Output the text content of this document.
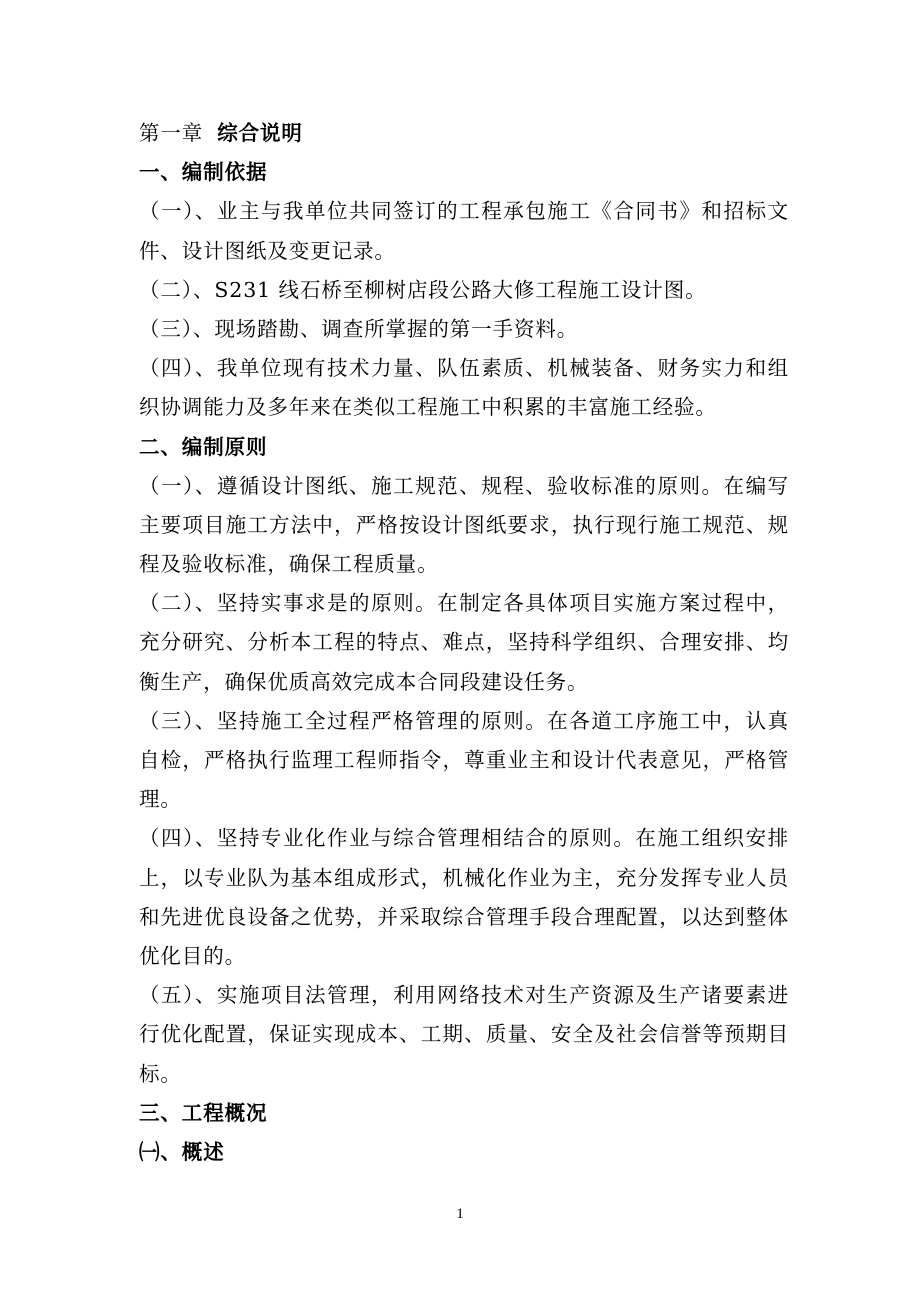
第一章 综合说明
一、编制依据
（一）、业主与我单位共同签订的工程承包施工《合同书》和招标文
件、设计图纸及变更记录。
（二）、S231 线石桥至柳树店段公路大修工程施工设计图。
（三）、现场踏勘、调查所掌握的第一手资料。
（四）、我单位现有技术力量、队伍素质、机械装备、财务实力和组
织协调能力及多年来在类似工程施工中积累的丰富施工经验。
二、编制原则
（一）、遵循设计图纸、施工规范、规程、验收标准的原则。在编写
主要项目施工方法中，严格按设计图纸要求，执行现行施工规范、规
程及验收标准，确保工程质量。
（二）、坚持实事求是的原则。在制定各具体项目实施方案过程中，
充分研究、分析本工程的特点、难点，坚持科学组织、合理安排、均
衡生产，确保优质高效完成本合同段建设任务。
（三）、坚持施工全过程严格管理的原则。在各道工序施工中，认真
自检，严格执行监理工程师指令，尊重业主和设计代表意见，严格管
理。
（四）、坚持专业化作业与综合管理相结合的原则。在施工组织安排
上，以专业队为基本组成形式，机械化作业为主，充分发挥专业人员
和先进优良设备之优势，并采取综合管理手段合理配置，以达到整体
优化目的。
（五）、实施项目法管理，利用网络技术对生产资源及生产诸要素进
行优化配置，保证实现成本、工期、质量、安全及社会信誉等预期目
标。
三、工程概况
㈠、概述
1
